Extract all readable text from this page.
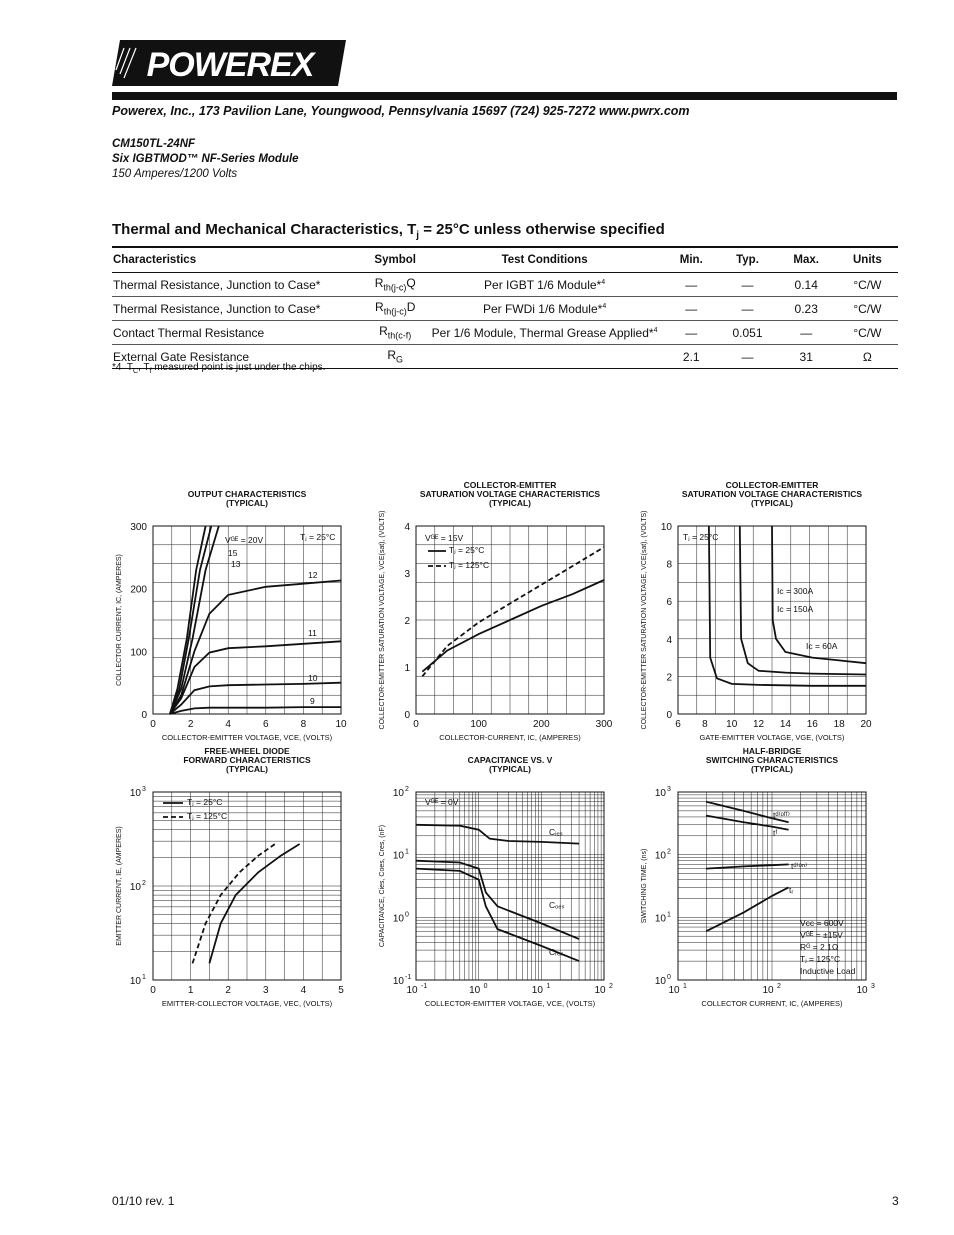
POWEREX
Powerex, Inc., 173 Pavilion Lane, Youngwood, Pennsylvania 15697 (724) 925-7272 www.pwrx.com
CM150TL-24NF
Six IGBTMOD™ NF-Series Module
150 Amperes/1200 Volts
Thermal and Mechanical Characteristics, $T_j = 25^\circ C$ unless otherwise specified
Characteristics	Symbol	Test Conditions	Min.	Typ.	Max.	Units
Thermal Resistance, Junction to Case*	$R_{th(j-c)}Q$	Per IGBT 1/6 Module*$^4$	—	—	0.14	°C/W
Thermal Resistance, Junction to Case*	$R_{th(j-c)}D$	Per FWDi 1/6 Module*$^4$	—	—	0.23	°C/W
Contact Thermal Resistance	$R_{th(c-f)}$	Per 1/6 Module, Thermal Grease Applied*$^4$	—	0.051	—	°C/W
External Gate Resistance	$R_G$		2.1	—	31	Ω
*4  $T_C$, $T_f$ measured point is just under the chips.
OUTPUT CHARACTERISTICS
(TYPICAL)
0	2	4	6	8	10
0
100
200
300
COLLECTOR-EMITTER VOLTAGE, VCE, (VOLTS)
COLLECTOR CURRENT, IC, (AMPERES)
COLLECTOR-EMITTER
SATURATION VOLTAGE CHARACTERISTICS
(TYPICAL)
0	100	200	300
0
1
2
3
4
COLLECTOR-CURRENT, IC, (AMPERES)
COLLECTOR-EMITTER SATURATION VOLTAGE, VCE(sat), (VOLTS)
COLLECTOR-EMITTER
SATURATION VOLTAGE CHARACTERISTICS
(TYPICAL)
6 8 10 12 14 16 18 20
0
2
4
6
8
10
GATE-EMITTER VOLTAGE, VGE, (VOLTS)
COLLECTOR-EMITTER SATURATION VOLTAGE, VCE(sat), (VOLTS)
FREE-WHEEL DIODE
FORWARD CHARACTERISTICS
(TYPICAL)
0	1	2	3	4	5
10 1
10 2
10 3
EMITTER-COLLECTOR VOLTAGE, VEC, (VOLTS)
EMITTER CURRENT, IE, (AMPERES)
CAPACITANCE VS. V
(TYPICAL)
10 -1	10 0	10 1	10 2
10 -1
10 0
10 1
10 2
COLLECTOR-EMITTER VOLTAGE, VCE, (VOLTS)
CAPACITANCE, Cies, Coes, Cres, (nF)
HALF-BRIDGE
SWITCHING CHARACTERISTICS
(TYPICAL)
10 1	10 2	10 3
10 0
10 1
10 2
10 3
COLLECTOR CURRENT, IC, (AMPERES)
SWITCHING TIME, (ns)
Tⱼ = 25°C
Vᴳᴱ = 20V
15
13
12
11
10
9
Vᴳᴱ = 15V
Tⱼ = 25°C
Tⱼ = 125°C
Tⱼ = 25°C
Iᴄ = 300A
Iᴄ = 150A
Iᴄ = 60A
Tⱼ = 25°C
Tⱼ = 125°C
Vᴳᴱ = 0V
Cᵢₑₛ
Cₒₑₛ
Cᵣₑₛ
tᵈ⁽ᵒᶠᶠ⁾
tᶠ
tᵈ⁽ᵒⁿ⁾
tᵣ
Vᴄᴄ = 600V
Vᴳᴱ = ±15V
Rᴳ = 2.1Ω
Tⱼ = 125°C
Inductive Load
01/10 rev. 1	3
